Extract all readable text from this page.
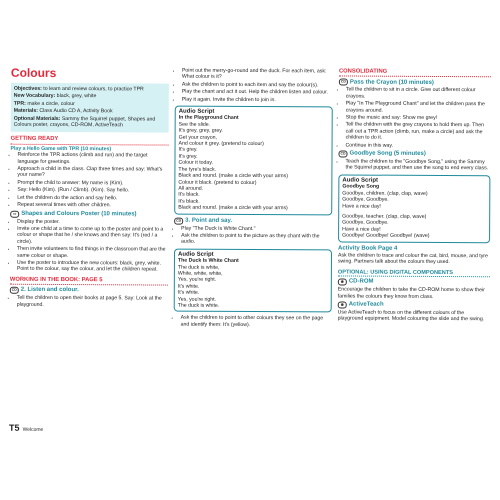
Colours

Objectives: to learn and review colours, to practice TPR

New Vocabulary: black, grey, white

TPR: make a circle, colour

Materials: Class Audio CD A, Activity Book

Optional Materials: Sammy the Squirrel puppet, Shapes and Colours poster, crayons, CD-ROM, ActiveTeach

GETTING READY
Play a Hello Game with TPR (10 minutes)
• Reinforce the TPR actions (climb and run) and the target language for greetings.
• Approach a child in the class. Clap three times and say: What's your name?
• Prompt the child to answer: My name is (Kim).
• Say: Hello (Kim). (Run / Climb). (Kim). Say hello.
• Let the children do the action and say hello.
• Repeat several times with other children.
▭ Shapes and Colours Poster (10 minutes)
• Display the poster.
• Invite one child at a time to come up to the poster and point to a colour or shape that he / she knows and then say: It's (red / a circle).
• Then invite volunteers to find things in the classroom that are the same colour or shape.
• Use the poster to introduce the new colours: black, grey, white. Point to the colour, say the colour, and let the children repeat.
WORKING IN THE BOOK: PAGE 5
CD 2. Listen and colour.
• Tell the children to open their books at page 5. Say: Look at the playground.
• Point out the merry-go-round and the duck. For each item, ask: What colour is it?
• Ask the children to point to each item and say the colour(s).
• Play the chant and act it out. Help the children listen and colour.
• Play it again. Invite the children to join in.

Audio Script

In the Playground Chant

See the slide.

It's grey, grey, grey.

Get your crayon,

And colour it grey. (pretend to colour)

It's grey.

It's grey.

Colour it today.

The tyre's black.

Black and round. (make a circle with your arms)

Colour it black. (pretend to colour)

All around.

It's black.

It's black.

Black and round. (make a circle with your arms)

CD 3. Point and say.
• Play "The Duck Is White Chant."
• Ask the children to point to the picture as they chant with the audio.

Audio Script

The Duck Is White Chant

The duck is white,

White, white, white,

Yes, you're right.

It's white.

It's white.

Yes, you're right.

The duck is white.

• Ask the children to point to other colours they see on the page and identify them: It's (yellow).
CONSOLIDATING
CD Pass the Crayon (10 minutes)
• Tell the children to sit in a circle. Give out different colour crayons.
• Play "In The Playground Chant" and let the children pass the crayons around.
• Stop the music and say: Show me grey!
• Tell the children with the grey crayons to hold them up. Then call out a TPR action (climb, run, make a circle) and ask the children to do it.
• Continue in this way.
CD Goodbye Song (5 minutes)
• Teach the children to the "Goodbye Song," using the Sammy the Squirrel puppet, and then use the song to end every class.

Audio Script

Goodbye Song

Goodbye, children. (clap, clap, wave)

Goodbye, Goodbye.

Have a nice day!

Goodbye, teacher. (clap, clap, wave)

Goodbye, Goodbye.

Have a nice day!

Goodbye! Goodbye! Goodbye! (wave)

Activity Book Page 4

Ask the children to trace and colour the cat, bird, mouse, and tyre swing. Partners talk about the colours they used.

OPTIONAL: USING DIGITAL COMPONENTS
◉ CD-ROM

Encourage the children to take the CD-ROM home to show their families the colours they know from class.

◉ ActiveTeach

Use ActiveTeach to focus on the different colours of the playground equipment. Model colouring the slide and the swing.

T5 Welcome
